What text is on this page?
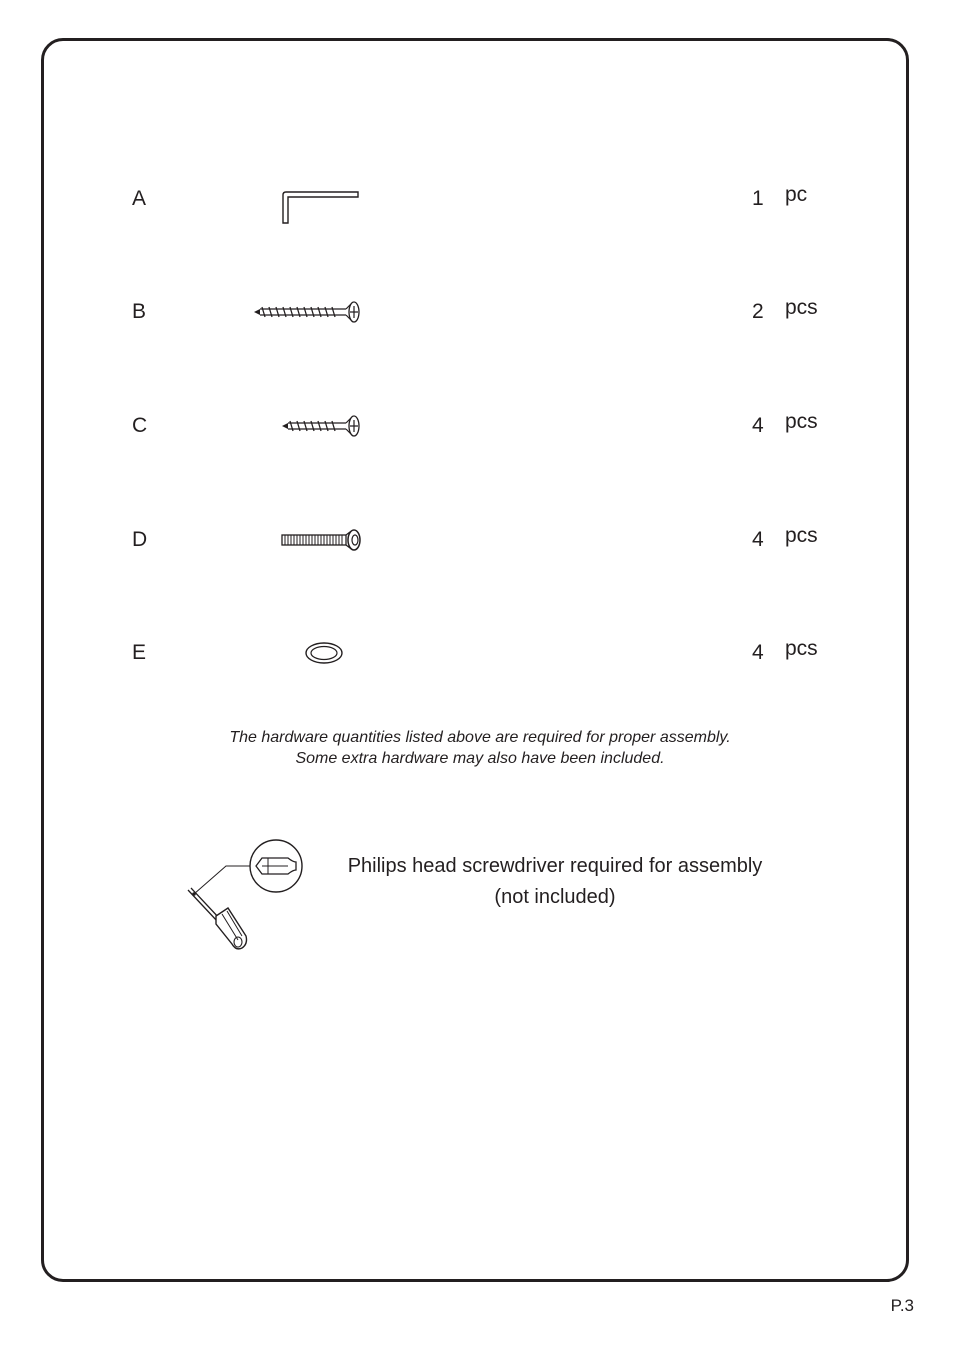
A	1 pc
B	2 pcs
C	4 pcs
D	4 pcs
E	4 pcs
The hardware quantities listed above are required for proper assembly.
Some extra hardware may also have been included.
Philips head screwdriver required for assembly
(not included)
P.3
